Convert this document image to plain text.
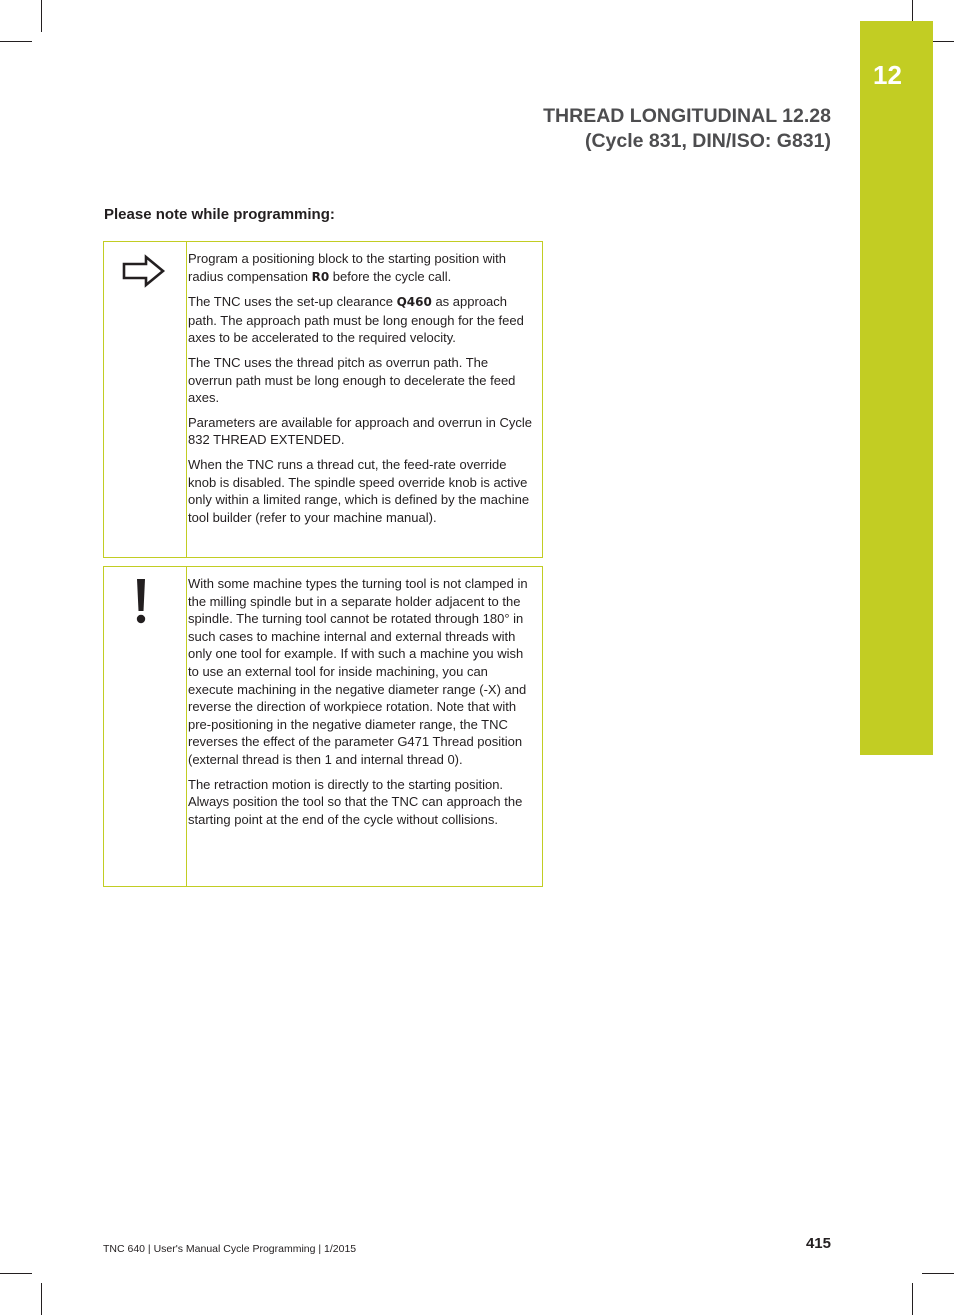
12
THREAD LONGITUDINAL 12.28
(Cycle 831, DIN/ISO: G831)
Please note while programming:

Program a positioning block to the starting position with radius compensation R0 before the cycle call.

The TNC uses the set-up clearance Q460 as approach path. The approach path must be long enough for the feed axes to be accelerated to the required velocity.

The TNC uses the thread pitch as overrun path. The overrun path must be long enough to decelerate the feed axes.

Parameters are available for approach and overrun in Cycle 832 THREAD EXTENDED.

When the TNC runs a thread cut, the feed-rate override knob is disabled. The spindle speed override knob is active only within a limited range, which is defined by the machine tool builder (refer to your machine manual).

With some machine types the turning tool is not clamped in the milling spindle but in a separate holder adjacent to the spindle. The turning tool cannot be rotated through 180° in such cases to machine internal and external threads with only one tool for example. If with such a machine you wish to use an external tool for inside machining, you can execute machining in the negative diameter range (-X) and reverse the direction of workpiece rotation. Note that with pre-positioning in the negative diameter range, the TNC reverses the effect of the parameter G471 Thread position (external thread is then 1 and internal thread 0).

The retraction motion is directly to the starting position. Always position the tool so that the TNC can approach the starting point at the end of the cycle without collisions.

TNC 640 | User's Manual Cycle Programming | 1/2015	415
